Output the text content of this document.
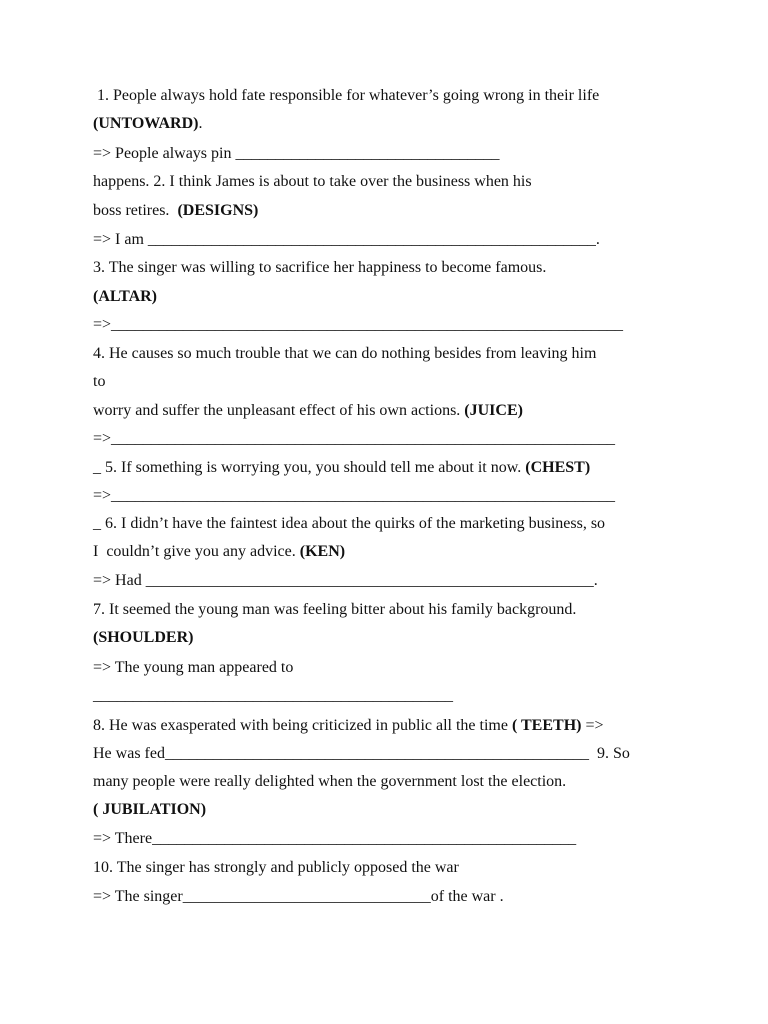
1. People always hold fate responsible for whatever’s going wrong in their life
(UNTOWARD).
=> People always pin _________________________________
happens. 2. I think James is about to take over the business when his
boss retires.  (DESIGNS)
=> I am ________________________________________________________.
3. The singer was willing to sacrifice her happiness to become famous.
(ALTAR)
=>________________________________________________________________
4. He causes so much trouble that we can do nothing besides from leaving him
to
worry and suffer the unpleasant effect of his own actions. (JUICE)
=>_______________________________________________________________
_ 5. If something is worrying you, you should tell me about it now. (CHEST)
=>_______________________________________________________________
_ 6. I didn’t have the faintest idea about the quirks of the marketing business, so
I  couldn’t give you any advice. (KEN)
=> Had ________________________________________________________.
7. It seemed the young man was feeling bitter about his family background.
(SHOULDER)
=> The young man appeared to
_____________________________________________
8. He was exasperated with being criticized in public all the time ( TEETH) =>
He was fed_____________________________________________________  9. So
many people were really delighted when the government lost the election.
( JUBILATION)
=> There_____________________________________________________
10. The singer has strongly and publicly opposed the war
=> The singer_______________________________of the war .
